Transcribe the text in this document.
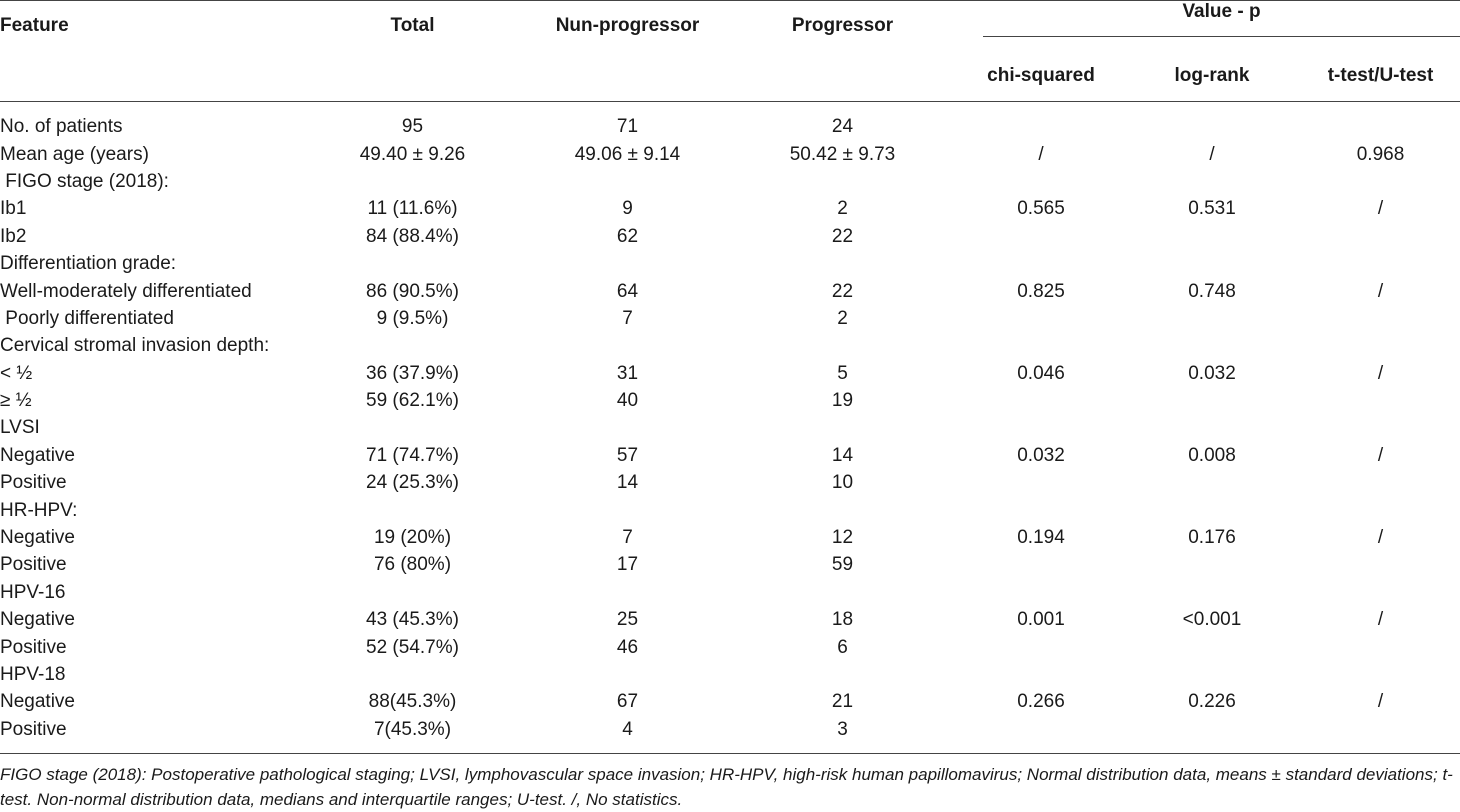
Feature	Total	Nun-progressor	Progressor	Value - p		

				chi-squared	log-rank	t-test/U-test
No. of patients	95	71	24			
Mean age (years)	49.40 ± 9.26	49.06 ± 9.14	50.42 ± 9.73	/	/	0.968
FIGO stage (2018):						
Ib1	11 (11.6%)	9	2	0.565	0.531	/
Ib2	84 (88.4%)	62	22			
Differentiation grade:						
Well-moderately differentiated	86 (90.5%)	64	22	0.825	0.748	/
Poorly differentiated	9 (9.5%)	7	2			
Cervical stromal invasion depth:						
< ½	36 (37.9%)	31	5	0.046	0.032	/
≥ ½	59 (62.1%)	40	19			
LVSI						
Negative	71 (74.7%)	57	14	0.032	0.008	/
Positive	24 (25.3%)	14	10			
HR-HPV:						
Negative	19 (20%)	7	12	0.194	0.176	/
Positive	76 (80%)	17	59			
HPV-16						
Negative	43 (45.3%)	25	18	0.001	<0.001	/
Positive	52 (54.7%)	46	6			
HPV-18						
Negative	88(45.3%)	67	21	0.266	0.226	/
Positive	7(45.3%)	4	3			
FIGO stage (2018): Postoperative pathological staging; LVSI, lymphovascular space invasion; HR-HPV, high-risk human papillomavirus; Normal distribution data, means ± standard deviations; t-test. Non-normal distribution data, medians and interquartile ranges; U-test. /, No statistics.
